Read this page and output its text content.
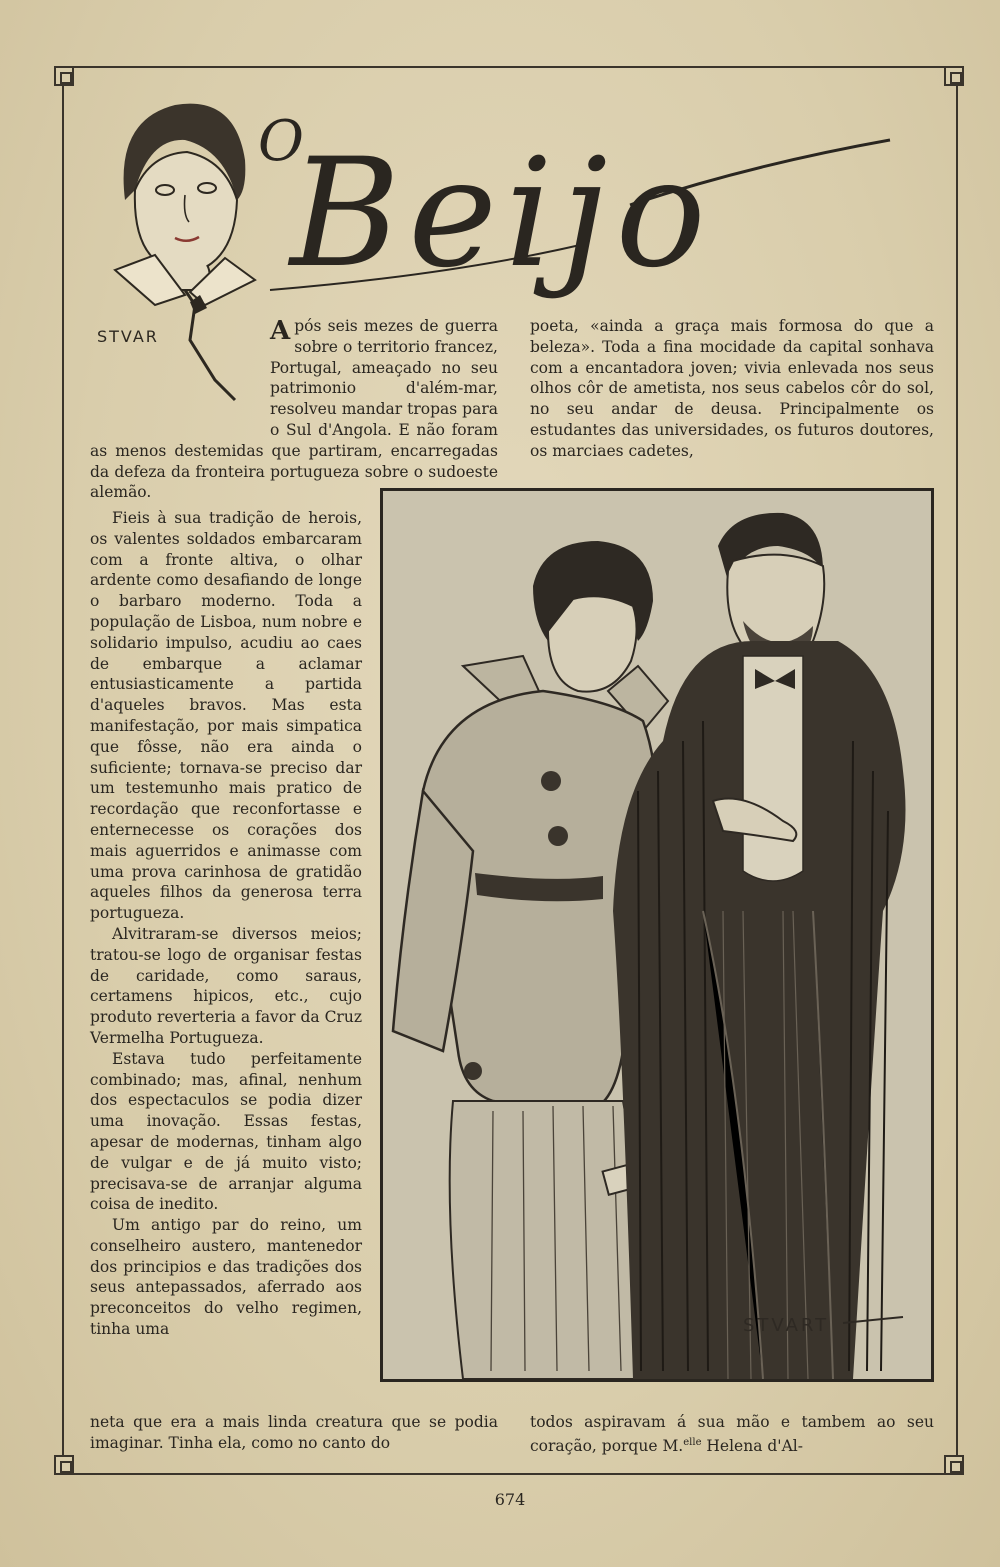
STVAR
O
Beijo
A pós seis mezes de guerra sobre o territorio francez, Portugal, ameaçado no seu patrimonio d'além-mar, resolveu mandar tropas para o Sul d'Angola. E não foram as menos destemidas que partiram, encarregadas da defeza da fronteira portugueza sobre o sudoeste alemão.

Fieis à sua tradição de herois, os valentes soldados embarcaram com a fronte altiva, o olhar ardente como desafiando de longe o barbaro moderno. Toda a população de Lisboa, num nobre e solidario impulso, acudiu ao caes de embarque a aclamar entusiasticamente a partida d'aqueles bravos. Mas esta manifestação, por mais simpatica que fôsse, não era ainda o suficiente; tornava-se preciso dar um testemunho mais pratico de recordação que reconfortasse e enternecesse os corações dos mais aguerridos e animasse com uma prova carinhosa de gratidão aqueles filhos da generosa terra portugueza.

Alvitraram-se diversos meios; tratou-se logo de organisar festas de caridade, como saraus, certamens hipicos, etc., cujo produto reverteria a favor da Cruz Vermelha Portugueza.

Estava tudo perfeitamente combinado; mas, afinal, nenhum dos espectaculos se podia dizer uma inovação. Essas festas, apesar de modernas, tinham algo de vulgar e de já muito visto; precisava-se de arranjar alguma coisa de inedito.

Um antigo par do reino, um conselheiro austero, mantenedor dos principios e das tradições dos seus antepassados, aferrado aos preconceitos do velho regimen, tinha uma

neta que era a mais linda creatura que se podia imaginar. Tinha ela, como no canto do

poeta, «ainda a graça mais formosa do que a beleza». Toda a fina mocidade da capital sonhava com a encantadora joven; vivia enlevada nos seus olhos côr de ametista, nos seus cabelos côr do sol, no seu andar de deusa. Principalmente os estudantes das universidades, os futuros doutores, os marciaes cadetes,

todos aspiravam á sua mão e tambem ao seu coração, porque M.$^{elle}$ Helena d'Al-

STVART
674
